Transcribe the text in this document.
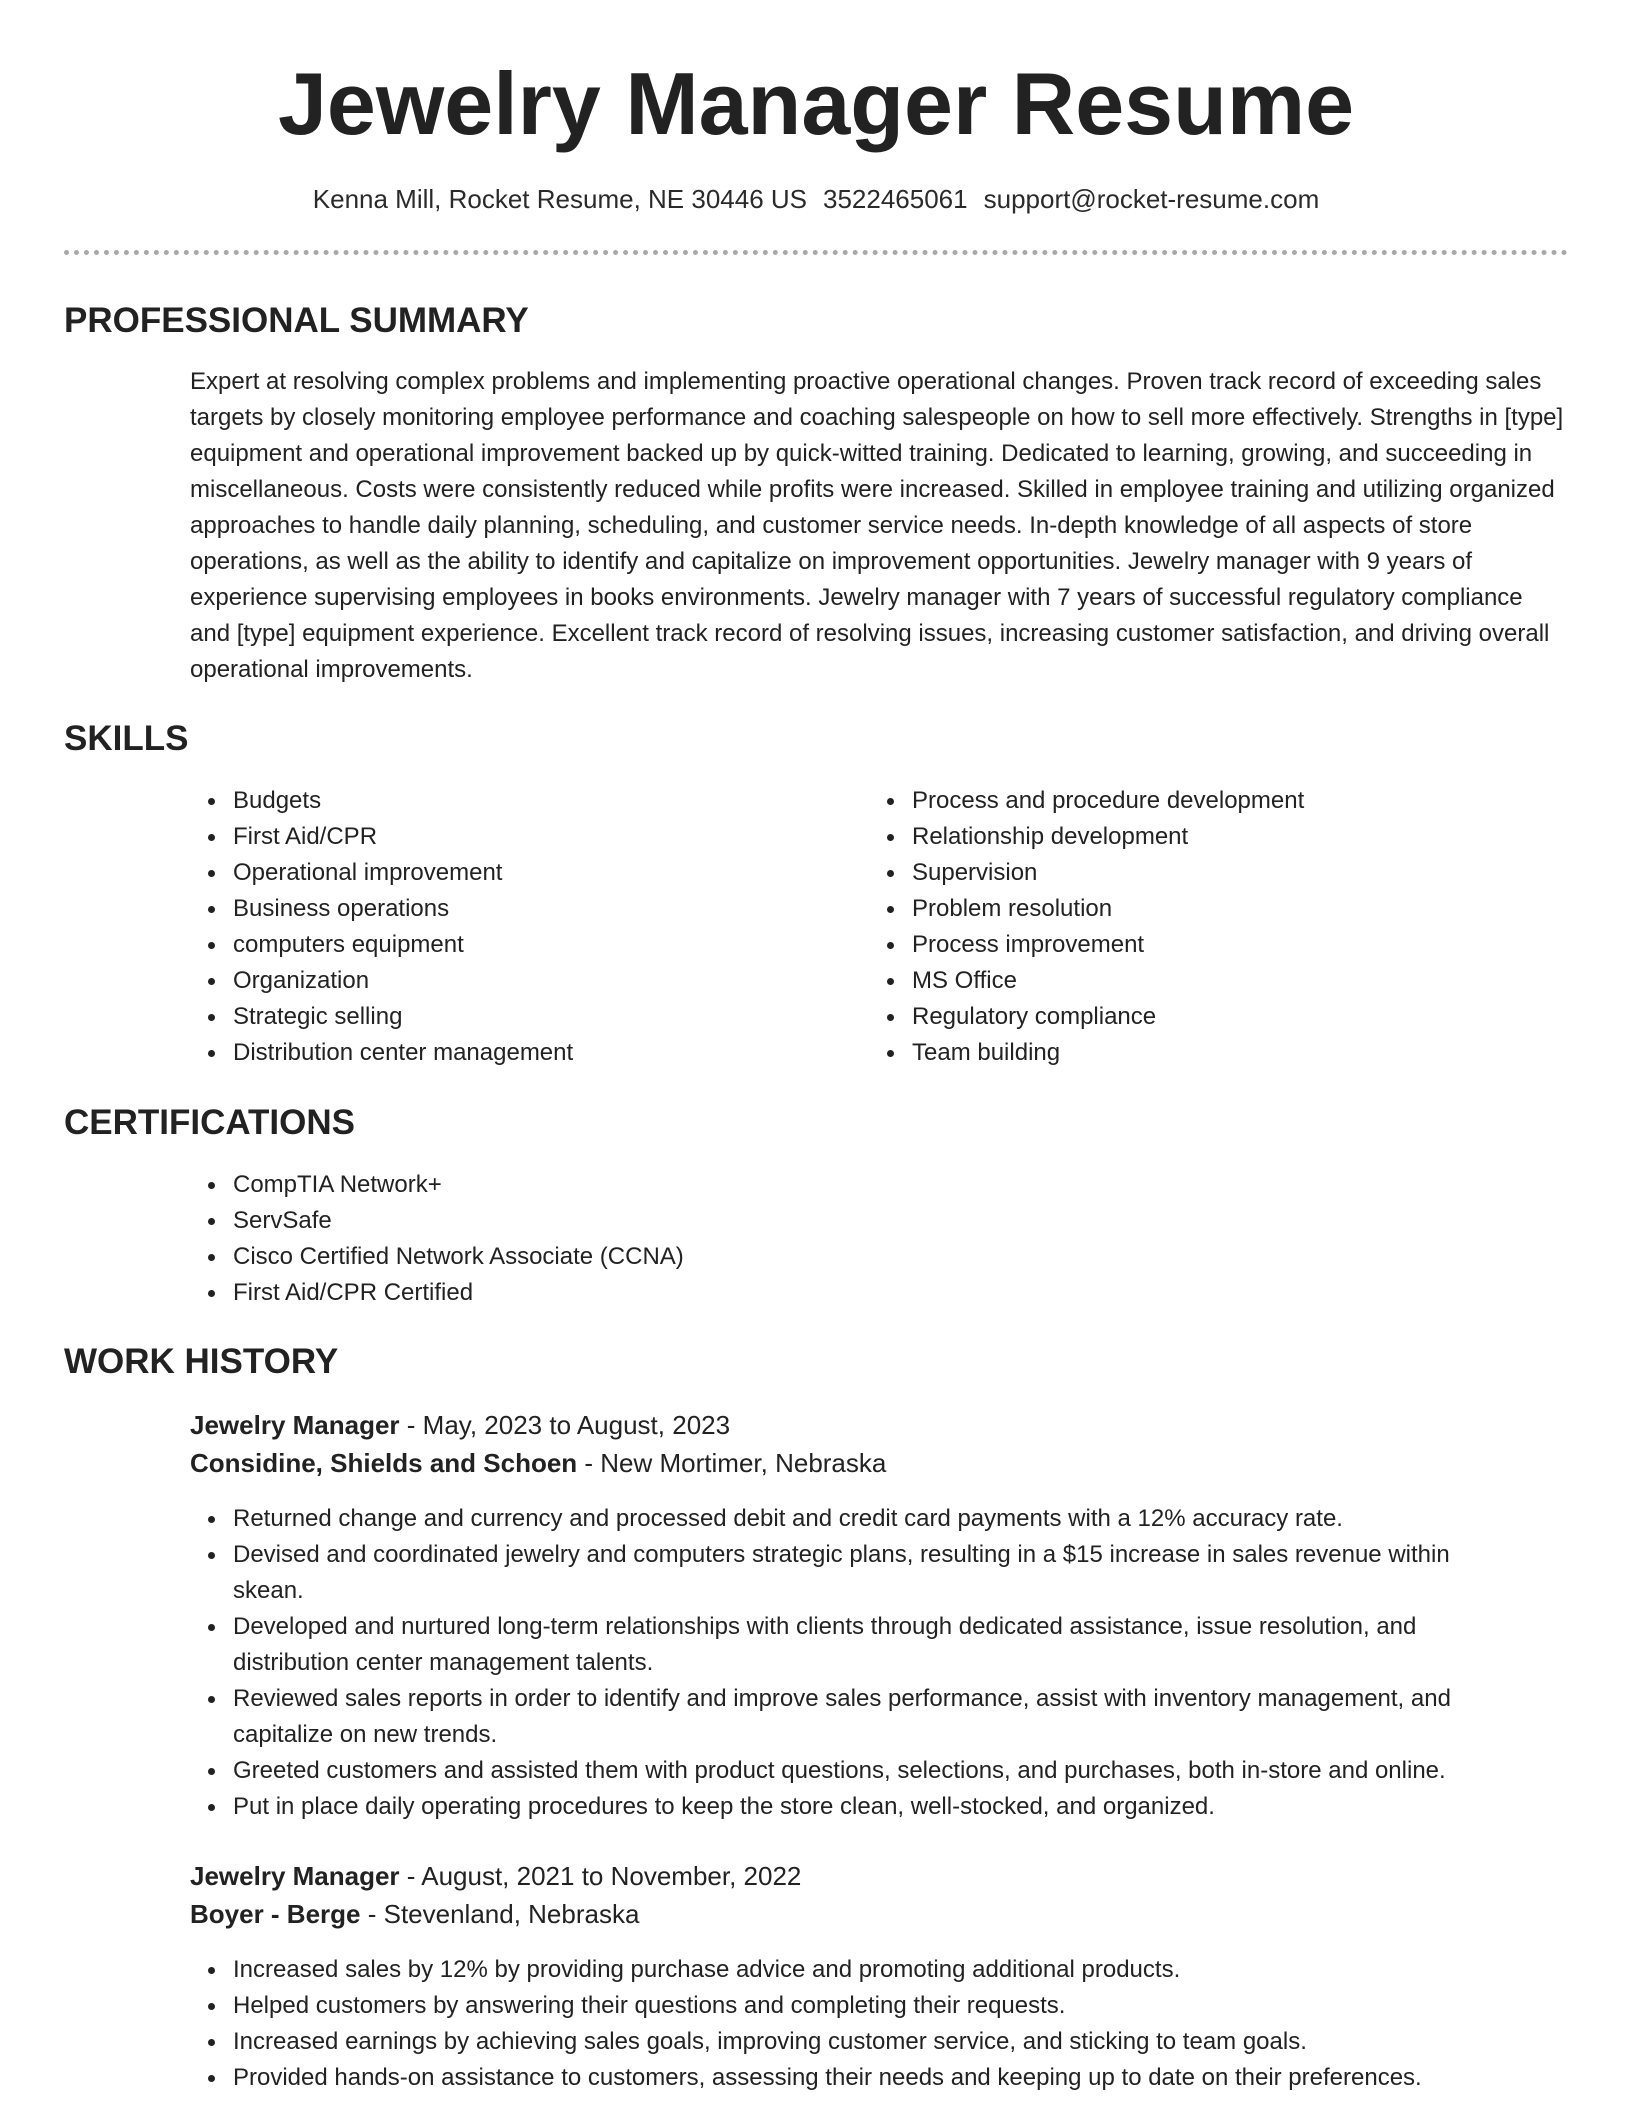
Jewelry Manager Resume
Kenna Mill, Rocket Resume, NE 30446 US 3522465061 support@rocket-resume.com
PROFESSIONAL SUMMARY

Expert at resolving complex problems and implementing proactive operational changes. Proven track record of exceeding sales targets by closely monitoring employee performance and coaching salespeople on how to sell more effectively. Strengths in [type] equipment and operational improvement backed up by quick-witted training. Dedicated to learning, growing, and succeeding in miscellaneous. Costs were consistently reduced while profits were increased. Skilled in employee training and utilizing organized approaches to handle daily planning, scheduling, and customer service needs. In-depth knowledge of all aspects of store operations, as well as the ability to identify and capitalize on improvement opportunities. Jewelry manager with 9 years of experience supervising employees in books environments. Jewelry manager with 7 years of successful regulatory compliance and [type] equipment experience. Excellent track record of resolving issues, increasing customer satisfaction, and driving overall operational improvements.

SKILLS
Budgets
First Aid/CPR
Operational improvement
Business operations
computers equipment
Organization
Strategic selling
Distribution center management
Process and procedure development
Relationship development
Supervision
Problem resolution
Process improvement
MS Office
Regulatory compliance
Team building
CERTIFICATIONS
CompTIA Network+
ServSafe
Cisco Certified Network Associate (CCNA)
First Aid/CPR Certified
WORK HISTORY
Jewelry Manager - May, 2023 to August, 2023
Considine, Shields and Schoen - New Mortimer, Nebraska
Returned change and currency and processed debit and credit card payments with a 12% accuracy rate.
Devised and coordinated jewelry and computers strategic plans, resulting in a $15 increase in sales revenue within skean.
Developed and nurtured long-term relationships with clients through dedicated assistance, issue resolution, and distribution center management talents.
Reviewed sales reports in order to identify and improve sales performance, assist with inventory management, and capitalize on new trends.
Greeted customers and assisted them with product questions, selections, and purchases, both in-store and online.
Put in place daily operating procedures to keep the store clean, well-stocked, and organized.
Jewelry Manager - August, 2021 to November, 2022
Boyer - Berge - Stevenland, Nebraska
Increased sales by 12% by providing purchase advice and promoting additional products.
Helped customers by answering their questions and completing their requests.
Increased earnings by achieving sales goals, improving customer service, and sticking to team goals.
Provided hands-on assistance to customers, assessing their needs and keeping up to date on their preferences.
